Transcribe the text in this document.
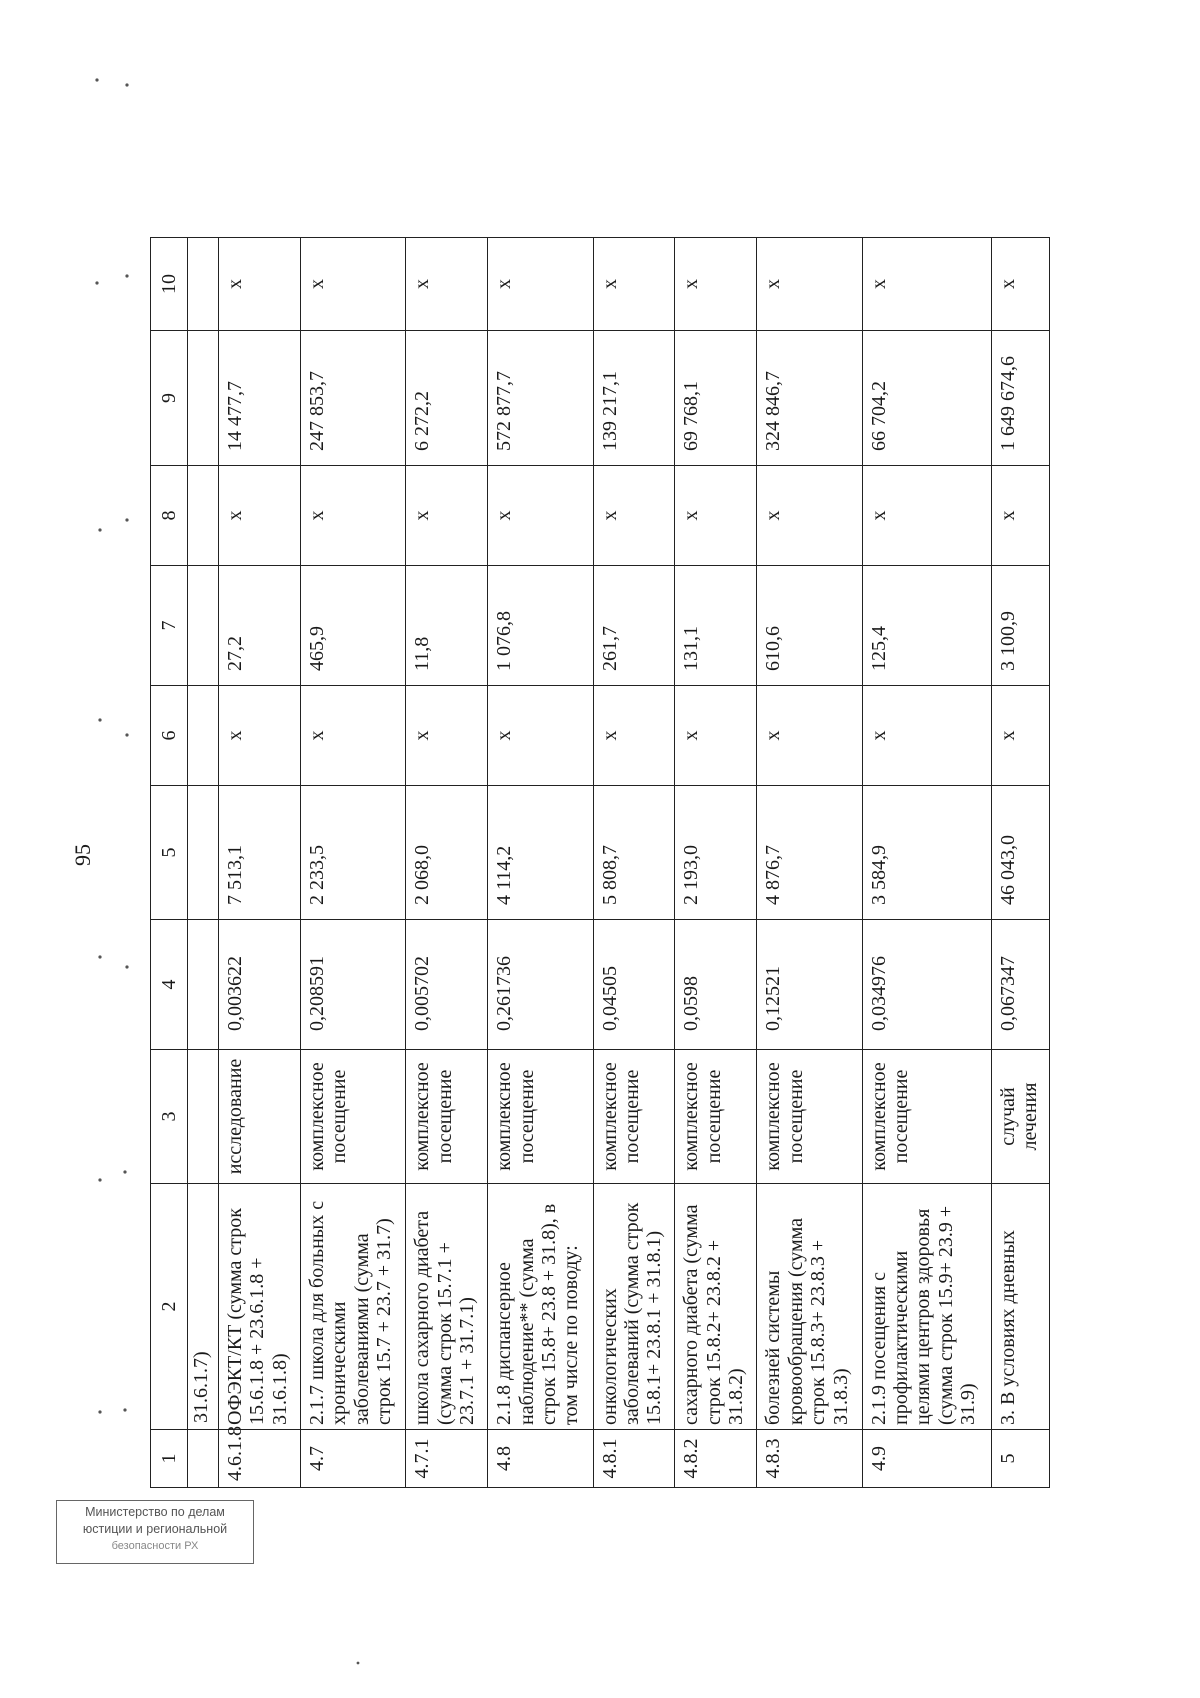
95

1	2	3	4	5	6	7	8	9	10
	31.6.1.7)								
4.6.1.8	ОФЭКТ/КТ (сумма строк 15.6.1.8 + 23.6.1.8 + 31.6.1.8)	исследование	0,003622	7 513,1	х	27,2	х	14 477,7	х
4.7	2.1.7 школа для больных с хроническими заболеваниями (сумма строк 15.7 + 23.7 + 31.7)	комплексное посещение	0,208591	2 233,5	х	465,9	х	247 853,7	х
4.7.1	школа сахарного диабета (сумма строк 15.7.1 + 23.7.1 + 31.7.1)	комплексное посещение	0,005702	2 068,0	х	11,8	х	6 272,2	х
4.8	2.1.8 диспансерное наблюдение** (сумма строк 15.8+ 23.8 + 31.8), в том числе по поводу:	комплексное посещение	0,261736	4 114,2	х	1 076,8	х	572 877,7	х
4.8.1	онкологических заболеваний (сумма строк 15.8.1+ 23.8.1 + 31.8.1)	комплексное посещение	0,04505	5 808,7	х	261,7	х	139 217,1	х
4.8.2	сахарного диабета (сумма строк 15.8.2+ 23.8.2 + 31.8.2)	комплексное посещение	0,0598	2 193,0	х	131,1	х	69 768,1	х
4.8.3	болезней системы кровообращения (сумма строк 15.8.3+ 23.8.3 + 31.8.3)	комплексное посещение	0,12521	4 876,7	х	610,6	х	324 846,7	х
4.9	2.1.9 посещения с профилактическими целями центров здоровья (сумма строк 15.9+ 23.9 + 31.9)	комплексное посещение	0,034976	3 584,9	х	125,4	х	66 704,2	х
5	3. В условиях дневных	случай лечения	0,067347	46 043,0	х	3 100,9	х	1 649 674,6	х
Министерство по делам
юстиции и региональной
безопасности РХ
